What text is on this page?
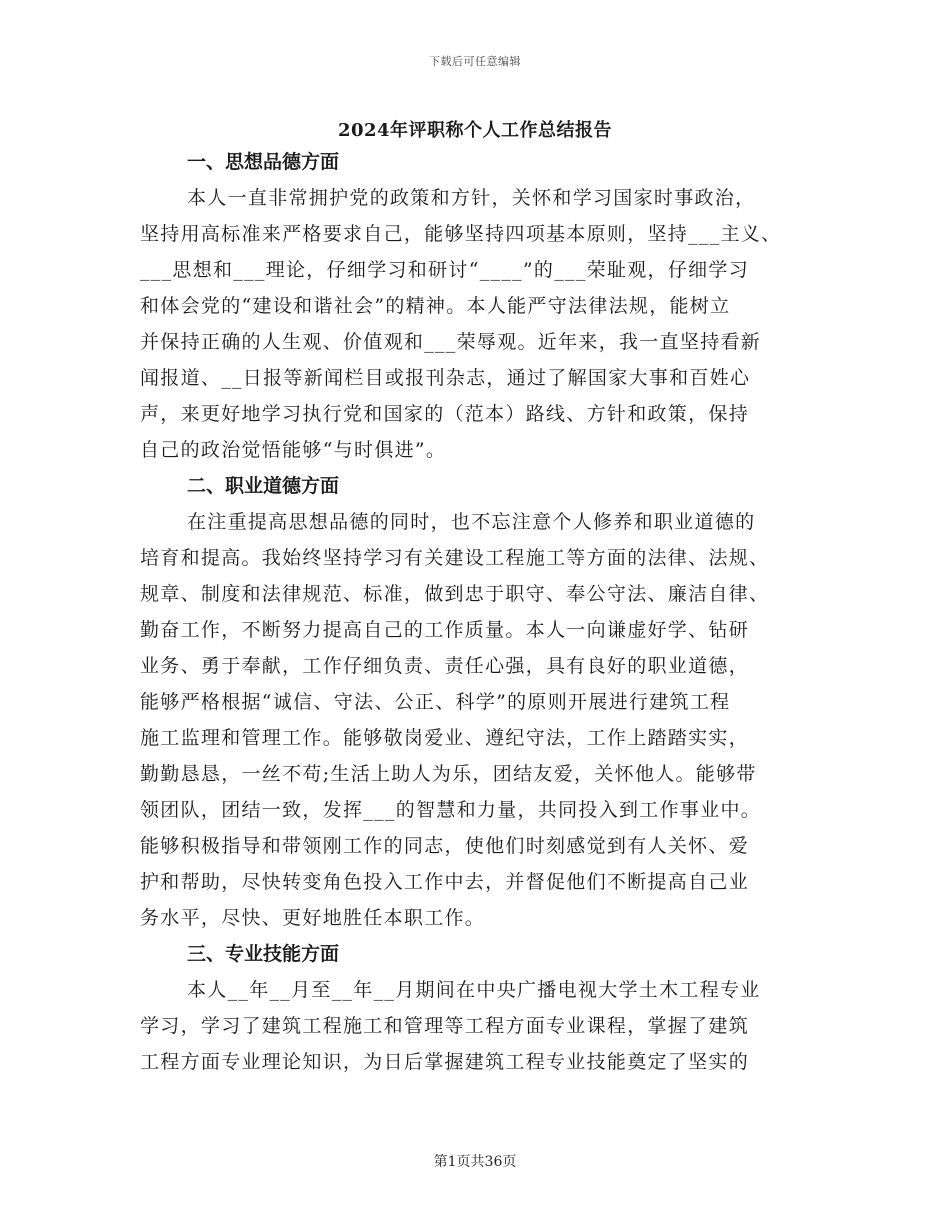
下载后可任意编辑
2024年评职称个人工作总结报告
一、思想品德方面
本人一直非常拥护党的政策和方针，关怀和学习国家时事政治，
坚持用高标准来严格要求自己，能够坚持四项基本原则，坚持___主义、
___思想和___理论，仔细学习和研讨“____”的___荣耻观，仔细学习
和体会党的“建设和谐社会”的精神。本人能严守法律法规，能树立
并保持正确的人生观、价值观和___荣辱观。近年来，我一直坚持看新
闻报道、__日报等新闻栏目或报刊杂志，通过了解国家大事和百姓心
声，来更好地学习执行党和国家的（范本）路线、方针和政策，保持
自己的政治觉悟能够“与时俱进”。
二、职业道德方面
在注重提高思想品德的同时，也不忘注意个人修养和职业道德的
培育和提高。我始终坚持学习有关建设工程施工等方面的法律、法规、
规章、制度和法律规范、标准，做到忠于职守、奉公守法、廉洁自律、
勤奋工作，不断努力提高自己的工作质量。本人一向谦虚好学、钻研
业务、勇于奉献，工作仔细负责、责任心强，具有良好的职业道德，
能够严格根据“诚信、守法、公正、科学”的原则开展进行建筑工程
施工监理和管理工作。能够敬岗爱业、遵纪守法，工作上踏踏实实，
勤勤恳恳，一丝不苟;生活上助人为乐，团结友爱，关怀他人。能够带
领团队，团结一致，发挥___的智慧和力量，共同投入到工作事业中。
能够积极指导和带领刚工作的同志，使他们时刻感觉到有人关怀、爱
护和帮助，尽快转变角色投入工作中去，并督促他们不断提高自己业
务水平，尽快、更好地胜任本职工作。
三、专业技能方面
本人__年__月至__年__月期间在中央广播电视大学土木工程专业
学习，学习了建筑工程施工和管理等工程方面专业课程，掌握了建筑
工程方面专业理论知识，为日后掌握建筑工程专业技能奠定了坚实的
第1页共36页
